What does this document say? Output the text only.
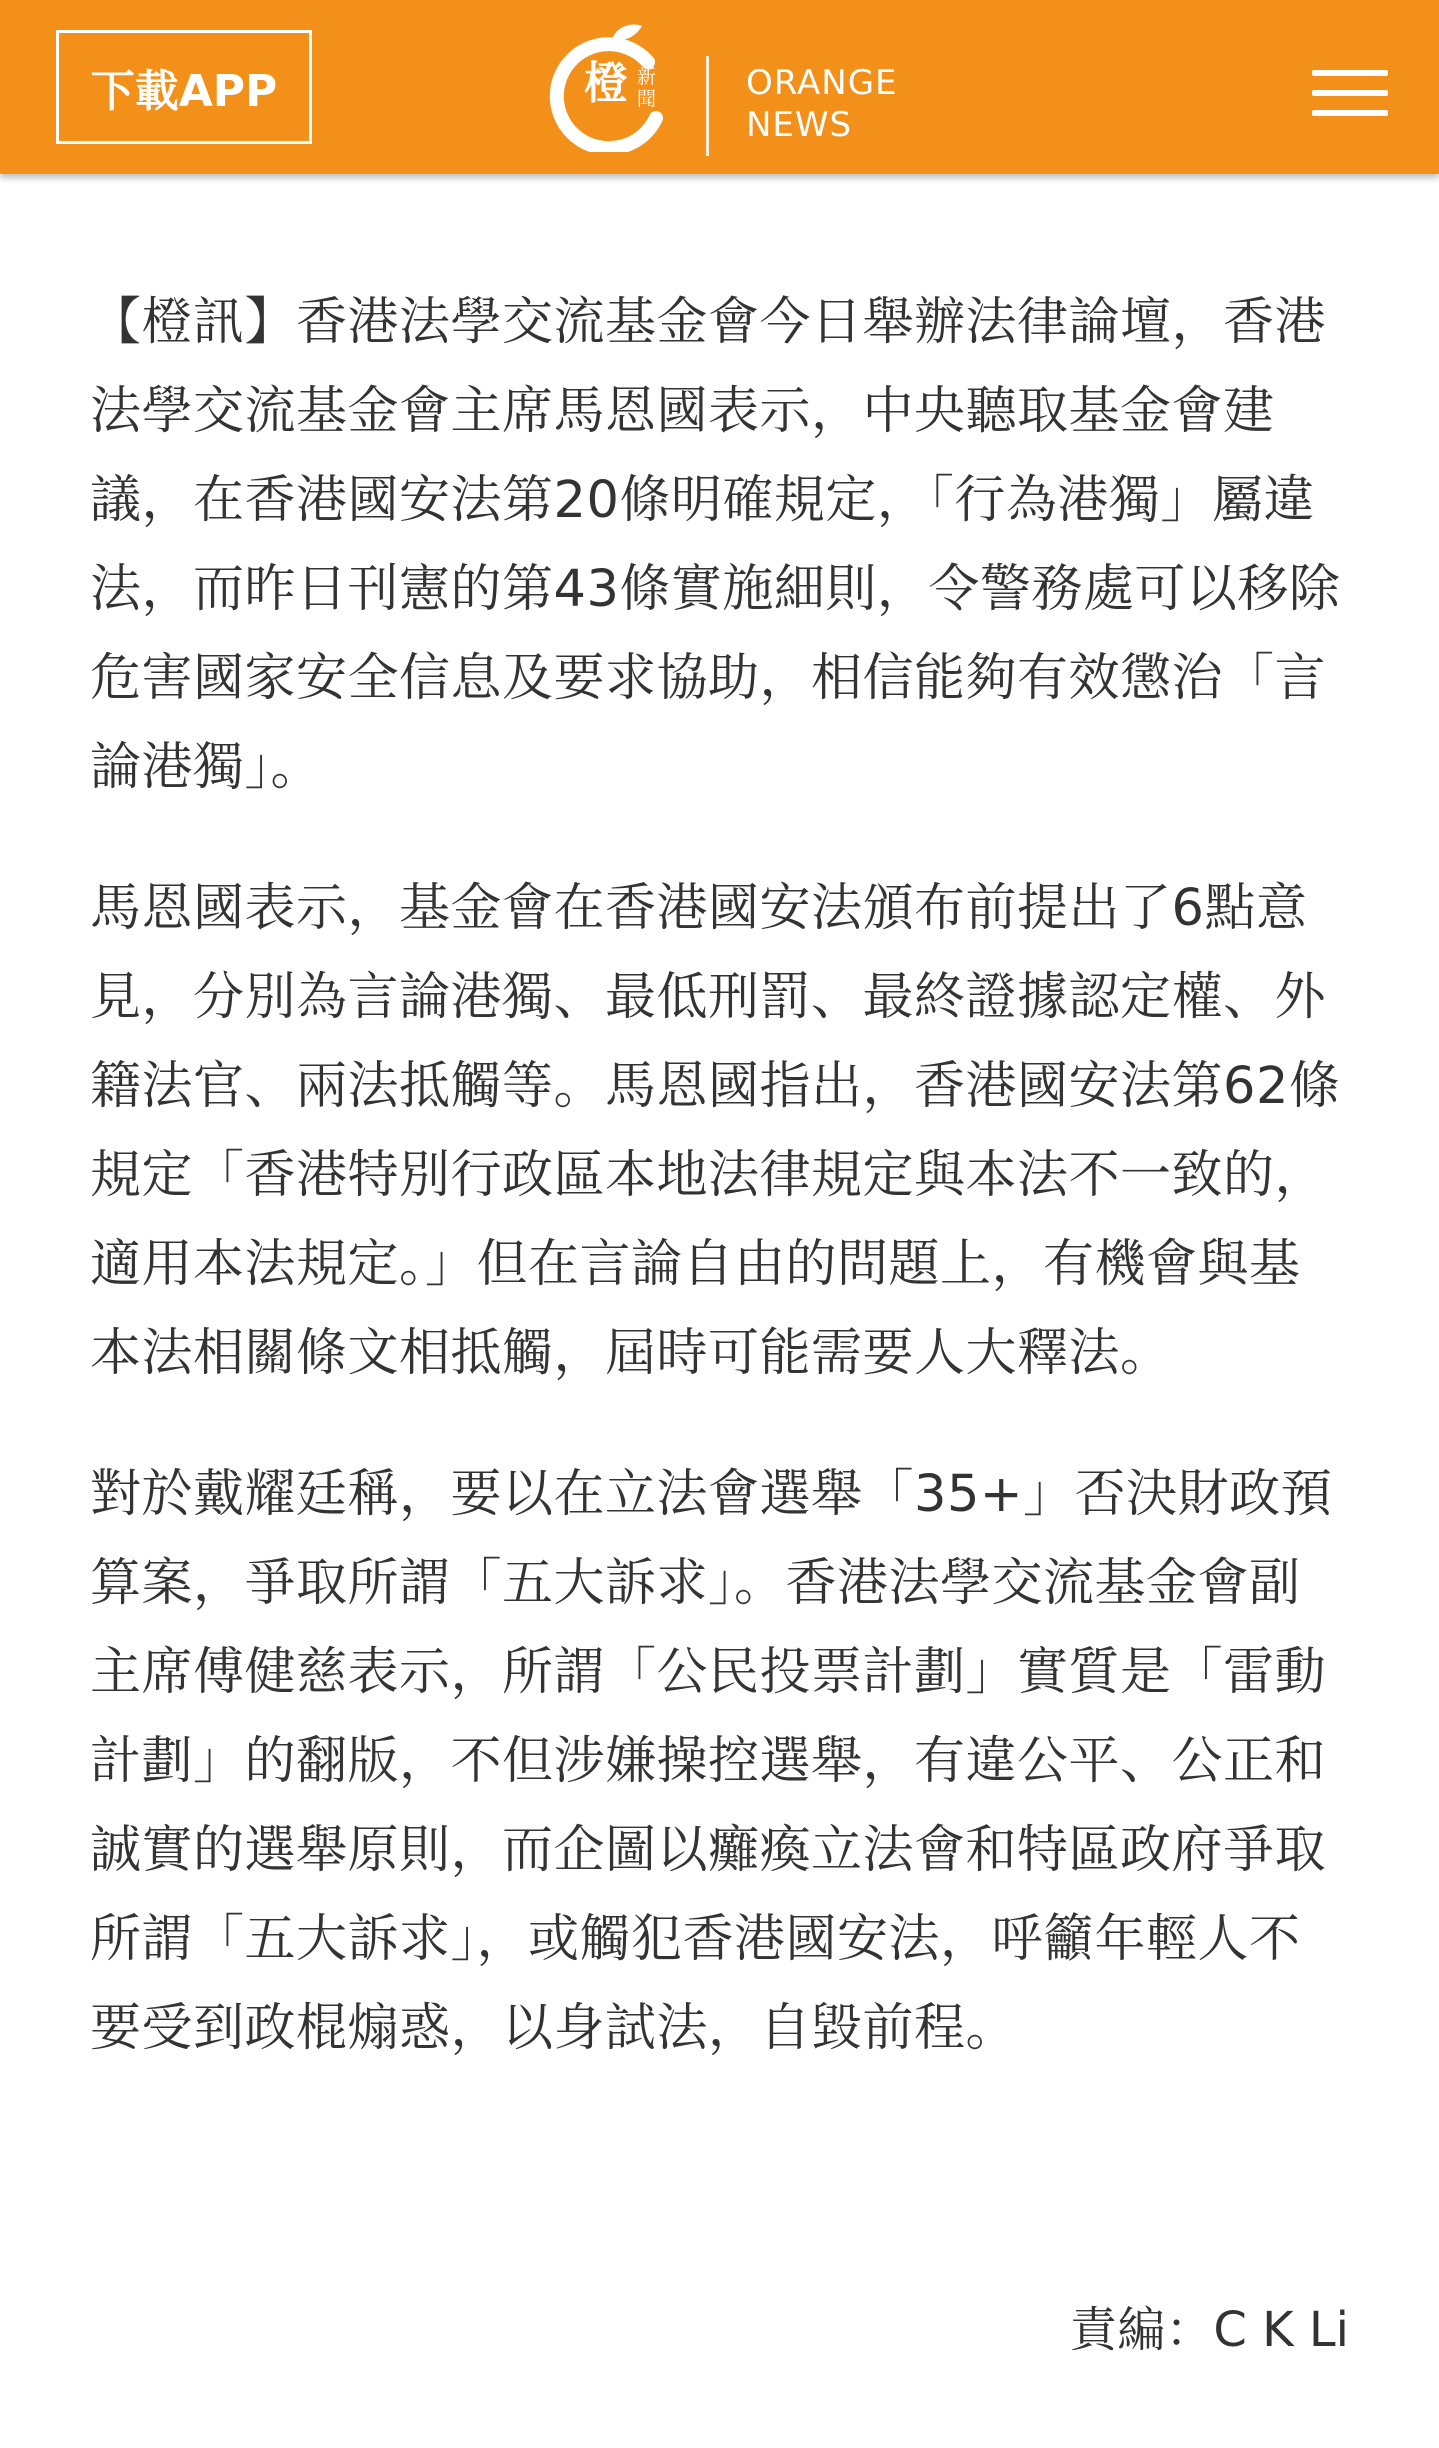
下載APP	橙 新聞	ORANGE
NEWS

【橙訊】香港法學交流基金會今日舉辦法律論壇，香港法學交流基金會主席馬恩國表示，中央聽取基金會建議，在香港國安法第20條明確規定，「行為港獨」屬違法，而昨日刊憲的第43條實施細則，令警務處可以移除危害國家安全信息及要求協助，相信能夠有效懲治「言論港獨」。

馬恩國表示，基金會在香港國安法頒布前提出了6點意見，分別為言論港獨、最低刑罰、最終證據認定權、外籍法官、兩法抵觸等。馬恩國指出，香港國安法第62條規定「香港特別行政區本地法律規定與本法不一致的，適用本法規定。」但在言論自由的問題上，有機會與基本法相關條文相抵觸，屆時可能需要人大釋法。

對於戴耀廷稱，要以在立法會選舉「35+」否決財政預算案，爭取所謂「五大訴求」。香港法學交流基金會副主席傅健慈表示，所謂「公民投票計劃」實質是「雷動計劃」的翻版，不但涉嫌操控選舉，有違公平、公正和誠實的選舉原則，而企圖以癱瘓立法會和特區政府爭取所謂「五大訴求」，或觸犯香港國安法，呼籲年輕人不要受到政棍煽惑，以身試法，自毀前程。

責編：C K Li
